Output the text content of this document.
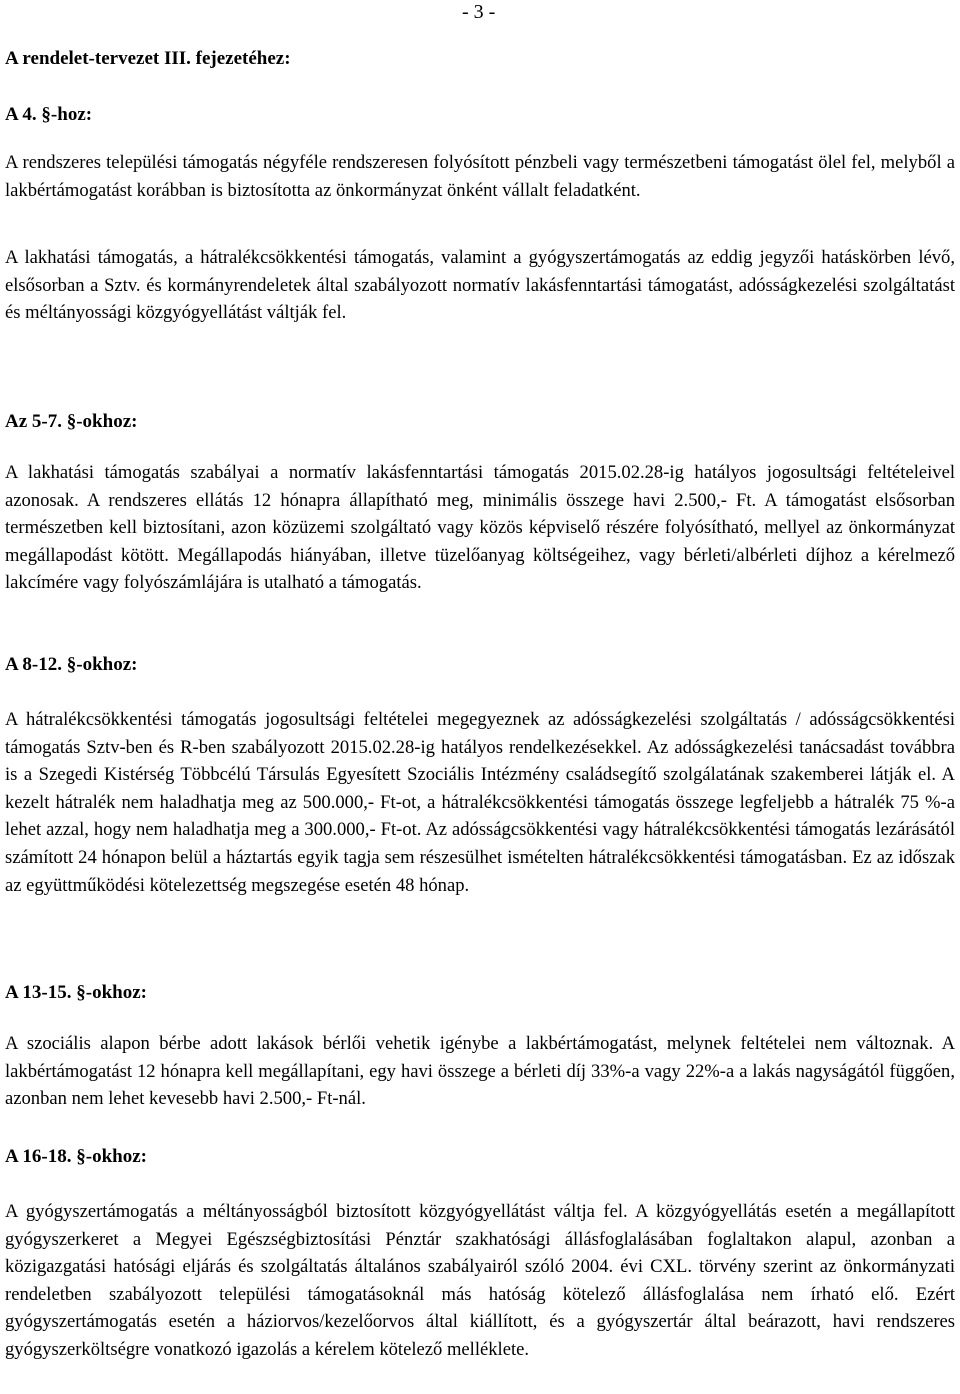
- 3 -
A rendelet-tervezet III. fejezetéhez:
A 4. §-hoz:

A rendszeres települési támogatás négyféle rendszeresen folyósított pénzbeli vagy természetbeni támogatást ölel fel, melyből a lakbértámogatást korábban is biztosította az önkormányzat önként vállalt feladatként.

A lakhatási támogatás, a hátralékcsökkentési támogatás, valamint a gyógyszertámogatás az eddig jegyzői hatáskörben lévő, elsősorban a Sztv. és kormányrendeletek által szabályozott normatív lakásfenntartási támogatást, adósságkezelési szolgáltatást és méltányossági közgyógyellátást váltják fel.

Az 5-7. §-okhoz:

A lakhatási támogatás szabályai a normatív lakásfenntartási támogatás 2015.02.28-ig hatályos jogosultsági feltételeivel azonosak. A rendszeres ellátás 12 hónapra állapítható meg, minimális összege havi 2.500,- Ft. A támogatást elsősorban természetben kell biztosítani, azon közüzemi szolgáltató vagy közös képviselő részére folyósítható, mellyel az önkormányzat megállapodást kötött. Megállapodás hiányában, illetve tüzelőanyag költségeihez, vagy bérleti/albérleti díjhoz a kérelmező lakcímére vagy folyószámlájára is utalható a támogatás.

A 8-12. §-okhoz:

A hátralékcsökkentési támogatás jogosultsági feltételei megegyeznek az adósságkezelési szolgáltatás / adósságcsökkentési támogatás Sztv-ben és R-ben szabályozott 2015.02.28-ig hatályos rendelkezésekkel. Az adósságkezelési tanácsadást továbbra is a Szegedi Kistérség Többcélú Társulás Egyesített Szociális Intézmény családsegítő szolgálatának szakemberei látják el. A kezelt hátralék nem haladhatja meg az 500.000,- Ft-ot, a hátralékcsökkentési támogatás összege legfeljebb a hátralék 75 %-a lehet azzal, hogy nem haladhatja meg a 300.000,- Ft-ot. Az adósságcsökkentési vagy hátralékcsökkentési támogatás lezárásától számított 24 hónapon belül a háztartás egyik tagja sem részesülhet ismételten hátralékcsökkentési támogatásban. Ez az időszak az együttműködési kötelezettség megszegése esetén 48 hónap.

A 13-15. §-okhoz:

A szociális alapon bérbe adott lakások bérlői vehetik igénybe a lakbértámogatást, melynek feltételei nem változnak. A lakbértámogatást 12 hónapra kell megállapítani, egy havi összege a bérleti díj 33%-a vagy 22%-a a lakás nagyságától függően, azonban nem lehet kevesebb havi 2.500,- Ft-nál.

A 16-18. §-okhoz:

A gyógyszertámogatás a méltányosságból biztosított közgyógyellátást váltja fel. A közgyógyellátás esetén a megállapított gyógyszerkeret a Megyei Egészségbiztosítási Pénztár szakhatósági állásfoglalásában foglaltakon alapul, azonban a közigazgatási hatósági eljárás és szolgáltatás általános szabályairól szóló 2004. évi CXL. törvény szerint az önkormányzati rendeletben szabályozott települési támogatásoknál más hatóság kötelező állásfoglalása nem írható elő. Ezért gyógyszertámogatás esetén a háziorvos/kezelőorvos által kiállított, és a gyógyszertár által beárazott, havi rendszeres gyógyszerköltségre vonatkozó igazolás a kérelem kötelező melléklete.
